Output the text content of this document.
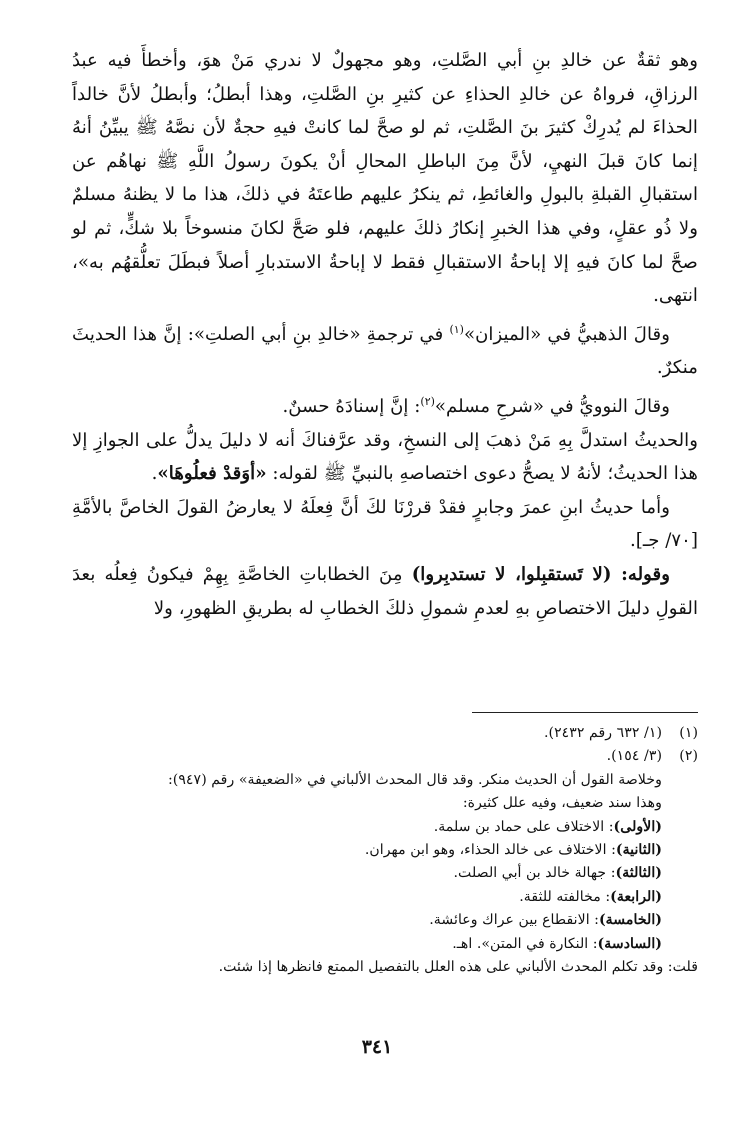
وهو ثقةٌ عن خالدِ بنِ أبي الصَّلتِ، وهو مجهولٌ لا ندري مَنْ هوَ، وأخطأَ فيه عبدُ الرزاقِ، فرواهُ عن خالدِ الحذاءِ عن كثيرِ بنِ الصَّلتِ، وهذا أبطلُ؛ وأبطلُ لأنَّ خالداً الحذاءَ لم يُدرِكْ كثيرَ بنَ الصَّلتِ، ثم لو صحَّ لما كانتْ فيهِ حجةٌ لأن نصَّهُ ﷺ يبيِّنُ أنهُ إنما كانَ قبلَ النهيِ، لأنَّ مِنَ الباطلِ المحالِ أنْ يكونَ رسولُ اللَّهِ ﷺ نهاهُم عن استقبالِ القبلةِ بالبولِ والغائطِ، ثم ينكرُ عليهم طاعتَهُ في ذلكَ، هذا ما لا يظنهُ مسلمٌ ولا ذُو عقلٍ، وفي هذا الخبرِ إنكارُ ذلكَ عليهم، فلو صَحَّ لكانَ منسوخاً بلا شكٍّ، ثم لو صحَّ لما كانَ فيهِ إلا إباحةُ الاستقبالِ فقط لا إباحةُ الاستدبارِ أصلاً فبطَلَ تعلُّقهُم به»، انتهى.

وقالَ الذهبيُّ في «الميزان»$^{(١)}$ في ترجمةِ «خالدِ بنِ أبي الصلتِ»: إنَّ هذا الحديثَ منكرٌ.

وقالَ النوويُّ في «شرحِ مسلم»$^{(٢)}$: إنَّ إسنادَهُ حسنٌ.

والحديثُ استدلَّ بِهِ مَنْ ذهبَ إلى النسخِ، وقد عرَّفناكَ أنه لا دليلَ يدلُّ على الجوازِ إلا هذا الحديثُ؛ لأنهُ لا يصحُّ دعوى اختصاصهِ بالنبيِّ ﷺ لقوله: «أوَقدْ فعلُوهَا».

وأما حديثُ ابنِ عمرَ وجابرٍ فقدْ قررْنَا لكَ أنَّ فِعلَهُ لا يعارضُ القولَ الخاصَّ بالأمَّةِ [٧٠/ جـ].

وقوله: (لا تَستقبِلوا، لا تستدبِروا) مِنَ الخطاباتِ الخاصَّةِ بِهِمْ فيكونُ فِعلُه بعدَ القولِ دليلَ الاختصاصِ بهِ لعدمِ شمولِ ذلكَ الخطابِ له بطريقِ الظهورِ، ولا

(١)(١/ ٦٣٢ رقم ٢٤٣٢).

(٢)(٣/ ١٥٤).

وخلاصة القول أن الحديث منكر. وقد قال المحدث الألباني في «الضعيفة» رقم (٩٤٧):

وهذا سند ضعيف، وفيه علل كثيرة:

(الأولى): الاختلاف على حماد بن سلمة.

(الثانية): الاختلاف عى خالد الحذاء، وهو ابن مهران.

(الثالثة): جهالة خالد بن أبي الصلت.

(الرابعة): مخالفته للثقة.

(الخامسة): الانقطاع بين عراك وعائشة.

(السادسة): النكارة في المتن». اهـ.

قلت: وقد تكلم المحدث الألباني على هذه العلل بالتفصيل الممتع فانظرها إذا شئت.

٣٤١
